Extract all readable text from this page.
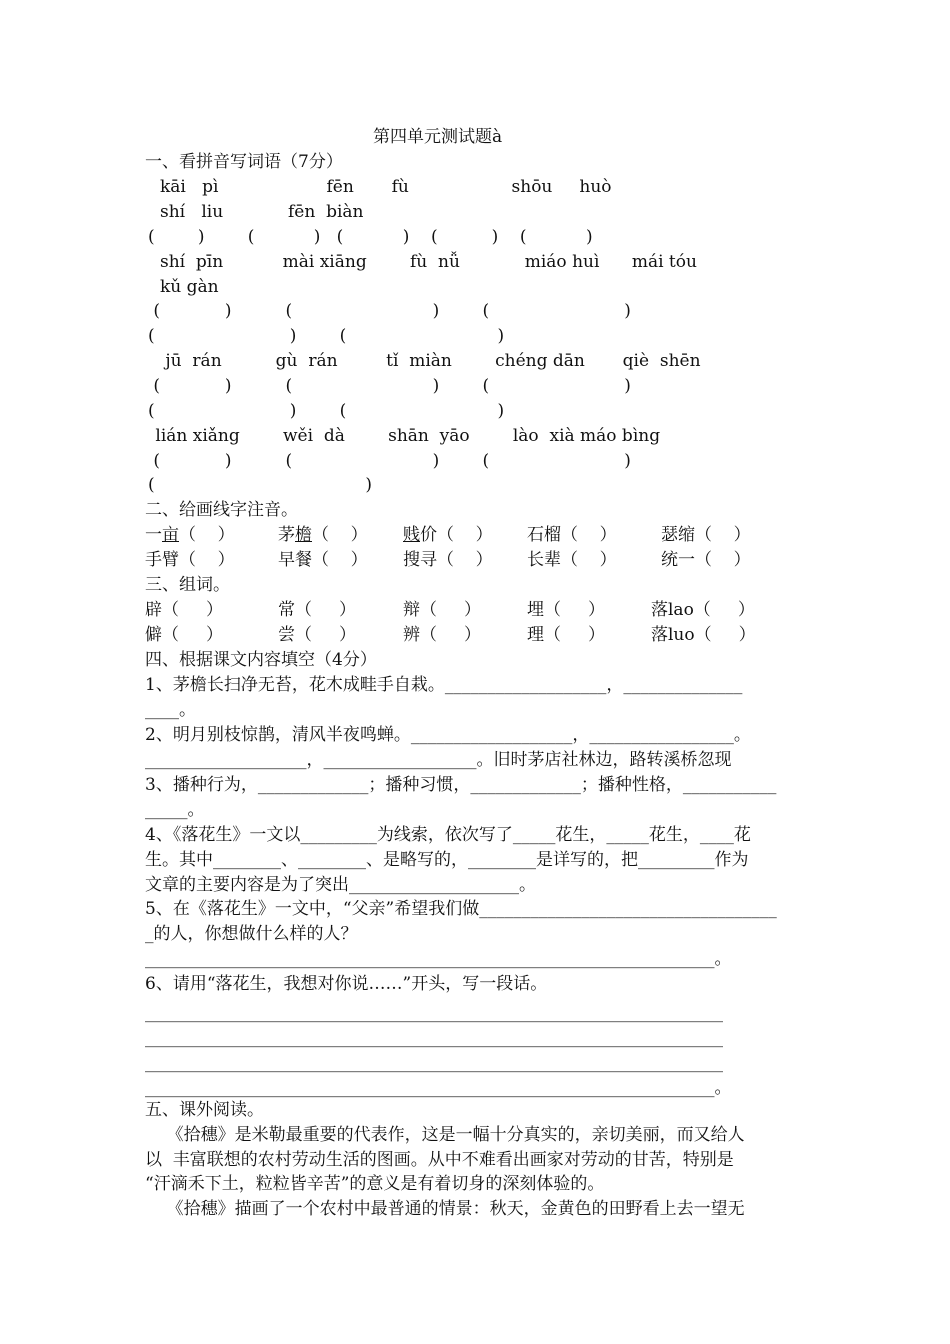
第四单元测试题à
一、看拼音写词语（7分）
kāi   pì                    fēn       fù                   shōu     huò
shí   liu            fēn  biàn
(        )        (           )   (           )    (          )    (           )
shí  pīn           mài xiāng        fù  nǚ            miáo huì      mái tóu
kǔ gàn
(            )          (                          )        (                         )
(                         )        (                            )
jū  rán          gù  rán         tǐ  miàn        chéng dān       qiè  shēn
(            )          (                          )        (                         )
(                         )        (                            )
lián xiǎng        wěi  dà        shān  yāo        lào  xià máo bìng
(            )          (                          )        (                         )
(                                       )
二、给画线字注音。
一亩（    ）	茅檐（    ） 贱价（    ） 石榴（    ）	瑟缩（    ）
手臂（    ）	早餐（    ） 搜寻（    ） 长辈（    ）	统一（    ）
三、组词。
辟（     ）	常（     ）	辩（     ）	埋（     ）	落lao（     ）
僻（     ）	尝（     ）	辨（     ）	理（     ）	落luo（     ）
四、根据课文内容填空（4分）
1、茅檐长扫净无苔，花木成畦手自栽。___________________，______________
____。
2、明月别枝惊鹊，清风半夜鸣蝉。___________________，_________________。
___________________，__________________。旧时茅店社林边，路转溪桥忽现
3、播种行为，_____________；播种习惯，_____________；播种性格，___________
_____。
4、《落花生》一文以_________为线索，依次写了_____花生，_____花生，____花
生。其中________、________、是略写的，________是详写的，把_________作为
文章的主要内容是为了突出____________________。
5、在《落花生》一文中，“父亲”希望我们做___________________________________
_的人，你想做什么样的人？
___________________________________________________________________。
6、请用“落花生，我想对你说……”开头，写一段话。
____________________________________________________________________
____________________________________________________________________
____________________________________________________________________
___________________________________________________________________。
五、课外阅读。
《拾穗》是米勒最重要的代表作，这是一幅十分真实的，亲切美丽，而又给人
以  丰富联想的农村劳动生活的图画。从中不难看出画家对劳动的甘苦，特别是
“汗滴禾下土，粒粒皆辛苦”的意义是有着切身的深刻体验的。
《拾穗》描画了一个农村中最普通的情景：秋天，金黄色的田野看上去一望无
